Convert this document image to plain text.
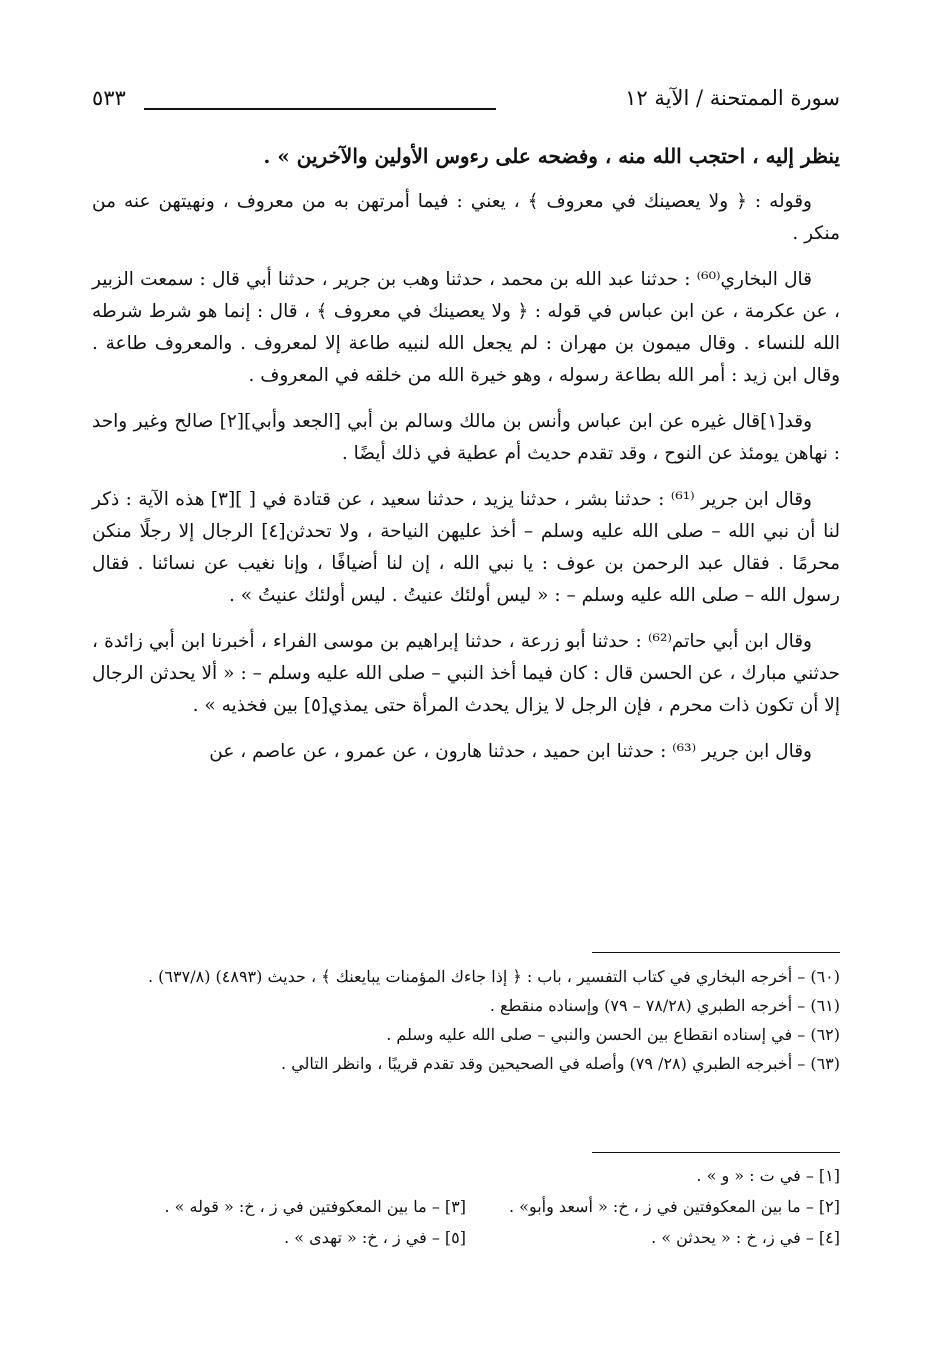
سورة الممتحنة / الآية ١٢
٥٣٣

ينظر إليه ، احتجب الله منه ، وفضحه على رءوس الأولين والآخرين » .

وقوله : ﴿ ولا يعصينك في معروف ﴾ ، يعني : فيما أمرتهن به من معروف ، ونهيتهن عنه من منكر .

قال البخاري⁽⁶⁰⁾ : حدثنا عبد الله بن محمد ، حدثنا وهب بن جرير ، حدثنا أبي قال : سمعت الزبير ، عن عكرمة ، عن ابن عباس في قوله : ﴿ ولا يعصينك في معروف ﴾ ، قال : إنما هو شرط شرطه الله للنساء . وقال ميمون بن مهران : لم يجعل الله لنبيه طاعة إلا لمعروف . والمعروف طاعة . وقال ابن زيد : أمر الله بطاعة رسوله ، وهو خيرة الله من خلقه في المعروف .

وقد[١]قال غيره عن ابن عباس وأنس بن مالك وسالم بن أبي [الجعد وأبي][٢] صالح وغير واحد : نهاهن يومئذ عن النوح ، وقد تقدم حديث أم عطية في ذلك أيضًا .

وقال ابن جرير ⁽⁶¹⁾ : حدثنا بشر ، حدثنا يزيد ، حدثنا سعيد ، عن قتادة في [ ][٣] هذه الآية : ذكر لنا أن نبي الله – صلى الله عليه وسلم – أخذ عليهن النياحة ، ولا تحدثن[٤] الرجال إلا رجلًا منكن محرمًا . فقال عبد الرحمن بن عوف : يا نبي الله ، إن لنا أضيافًا ، وإنا نغيب عن نسائنا . فقال رسول الله – صلى الله عليه وسلم – : « ليس أولئك عنيتُ . ليس أولئك عنيتُ » .

وقال ابن أبي حاتم⁽⁶²⁾ : حدثنا أبو زرعة ، حدثنا إبراهيم بن موسى الفراء ، أخبرنا ابن أبي زائدة ، حدثني مبارك ، عن الحسن قال : كان فيما أخذ النبي – صلى الله عليه وسلم – : « ألا يحدثن الرجال إلا أن تكون ذات محرم ، فإن الرجل لا يزال يحدث المرأة حتى يمذي[٥] بين فخذيه » .

وقال ابن جرير ⁽⁶³⁾ : حدثنا ابن حميد ، حدثنا هارون ، عن عمرو ، عن عاصم ، عن

(٦٠) – أخرجه البخاري في كتاب التفسير ، باب : ﴿ إذا جاءك المؤمنات يبايعنك ﴾ ، حديث (٤٨٩٣) (٦٣٧/٨) .

(٦١) – أخرجه الطبري (٧٨/٢٨ – ٧٩) وإسناده منقطع .

(٦٢) – في إسناده انقطاع بين الحسن والنبي – صلى الله عليه وسلم .

(٦٣) – أخبرجه الطبري (٢٨/ ٧٩) وأصله في الصحيحين وقد تقدم قريبًا ، وانظر التالي .

[١] – في ت : « و » .
[٢] – ما بين المعكوفتين في ز ، خ: « أسعد وأبو» .
[٣] – ما بين المعكوفتين في ز ، خ: « قوله » .
[٤] – في ز، خ : « يحدثن » .
[٥] – في ز ، خ: « تهدى » .
